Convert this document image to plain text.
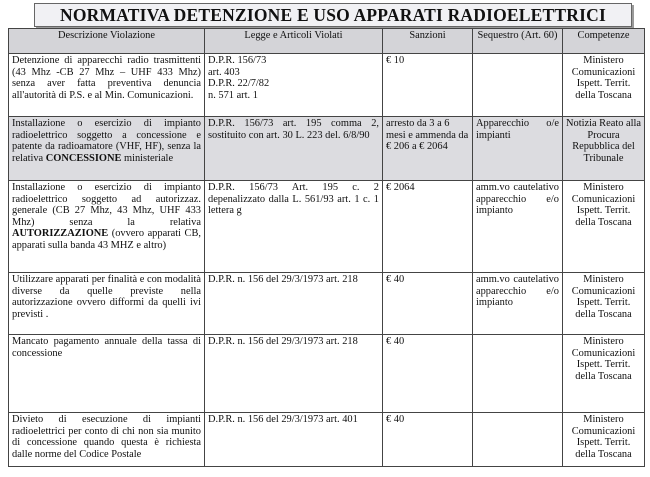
NORMATIVA DETENZIONE E USO APPARATI RADIOELETTRICI
Descrizione Violazione	Legge e Articoli Violati	Sanzioni	Sequestro (Art. 60)	Competenze
Detenzione di apparecchi radio trasmittenti (43 Mhz -CB 27 Mhz – UHF 433 Mhz) senza aver fatta preventiva denuncia all'autorità di P.S. e al Min. Comunicazioni.	D.P.R. 156/73
art. 403
D.P.R. 22/7/82
n. 571 art. 1	€ 10		Ministero Comunicazioni Ispett. Territ. della Toscana
Installazione o esercizio di impianto radioelettrico soggetto a concessione e patente da radioamatore (VHF, HF), senza la relativa CONCESSIONE ministeriale	D.P.R. 156/73 art. 195 comma 2, sostituito con art. 30 L. 223 del. 6/8/90	arresto da 3 a 6 mesi e ammenda da € 206 a € 2064	Apparecchio o/e impianti	Notizia Reato alla Procura Repubblica del Tribunale
Installazione o esercizio di impianto radioelettrico soggetto ad autorizzaz. generale (CB 27 Mhz, 43 Mhz, UHF 433 Mhz) senza la relativa AUTORIZZAZIONE (ovvero apparati CB, apparati sulla banda 43 MHZ e altro)	D.P.R. 156/73 Art. 195 c. 2 depenalizzato dalla L. 561/93 art. 1 c. 1 lettera g	€ 2064	amm.vo cautelativo apparecchio e/o impianto	Ministero Comunicazioni Ispett. Territ. della Toscana
Utilizzare apparati per finalità e con modalità diverse da quelle previste nella autorizzazione ovvero difformi da quelli ivi previsti .	D.P.R. n. 156 del 29/3/1973 art. 218	€ 40	amm.vo cautelativo apparecchio e/o impianto	Ministero Comunicazioni Ispett. Territ. della Toscana
Mancato pagamento annuale della tassa di concessione	D.P.R. n. 156 del 29/3/1973 art. 218	€ 40		Ministero Comunicazioni Ispett. Territ. della Toscana
Divieto di esecuzione di impianti radioelettrici per conto di chi non sia munito di concessione quando questa è richiesta dalle norme del Codice Postale	D.P.R. n. 156 del 29/3/1973 art. 401	€ 40		Ministero Comunicazioni Ispett. Territ. della Toscana
